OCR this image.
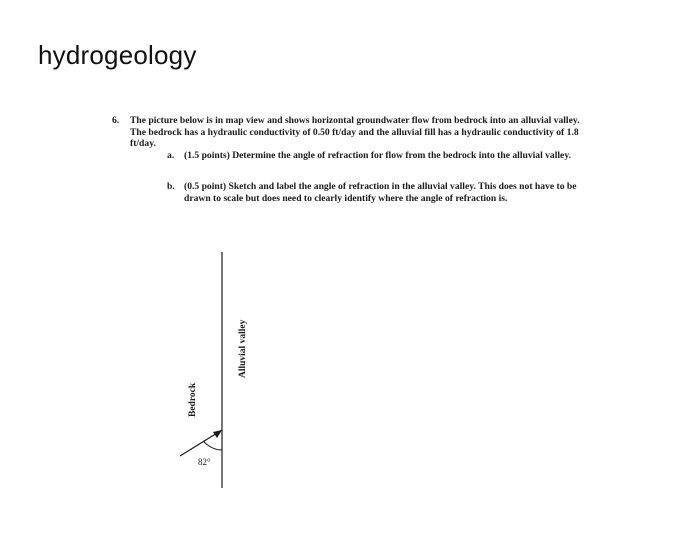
hydrogeology
6.	The picture below is in map view and shows horizontal groundwater flow from bedrock into an alluvial valley. The bedrock has a hydraulic conductivity of 0.50 ft/day and the alluvial fill has a hydraulic conductivity of 1.8 ft/day.
a.	(1.5 points) Determine the angle of refraction for flow from the bedrock into the alluvial valley.
b. (0.5 point) Sketch and label the angle of refraction in the alluvial valley. This does not have to be drawn to scale but does need to clearly identify where the angle of refraction is.
82°
Bedrock
Alluvial valley
